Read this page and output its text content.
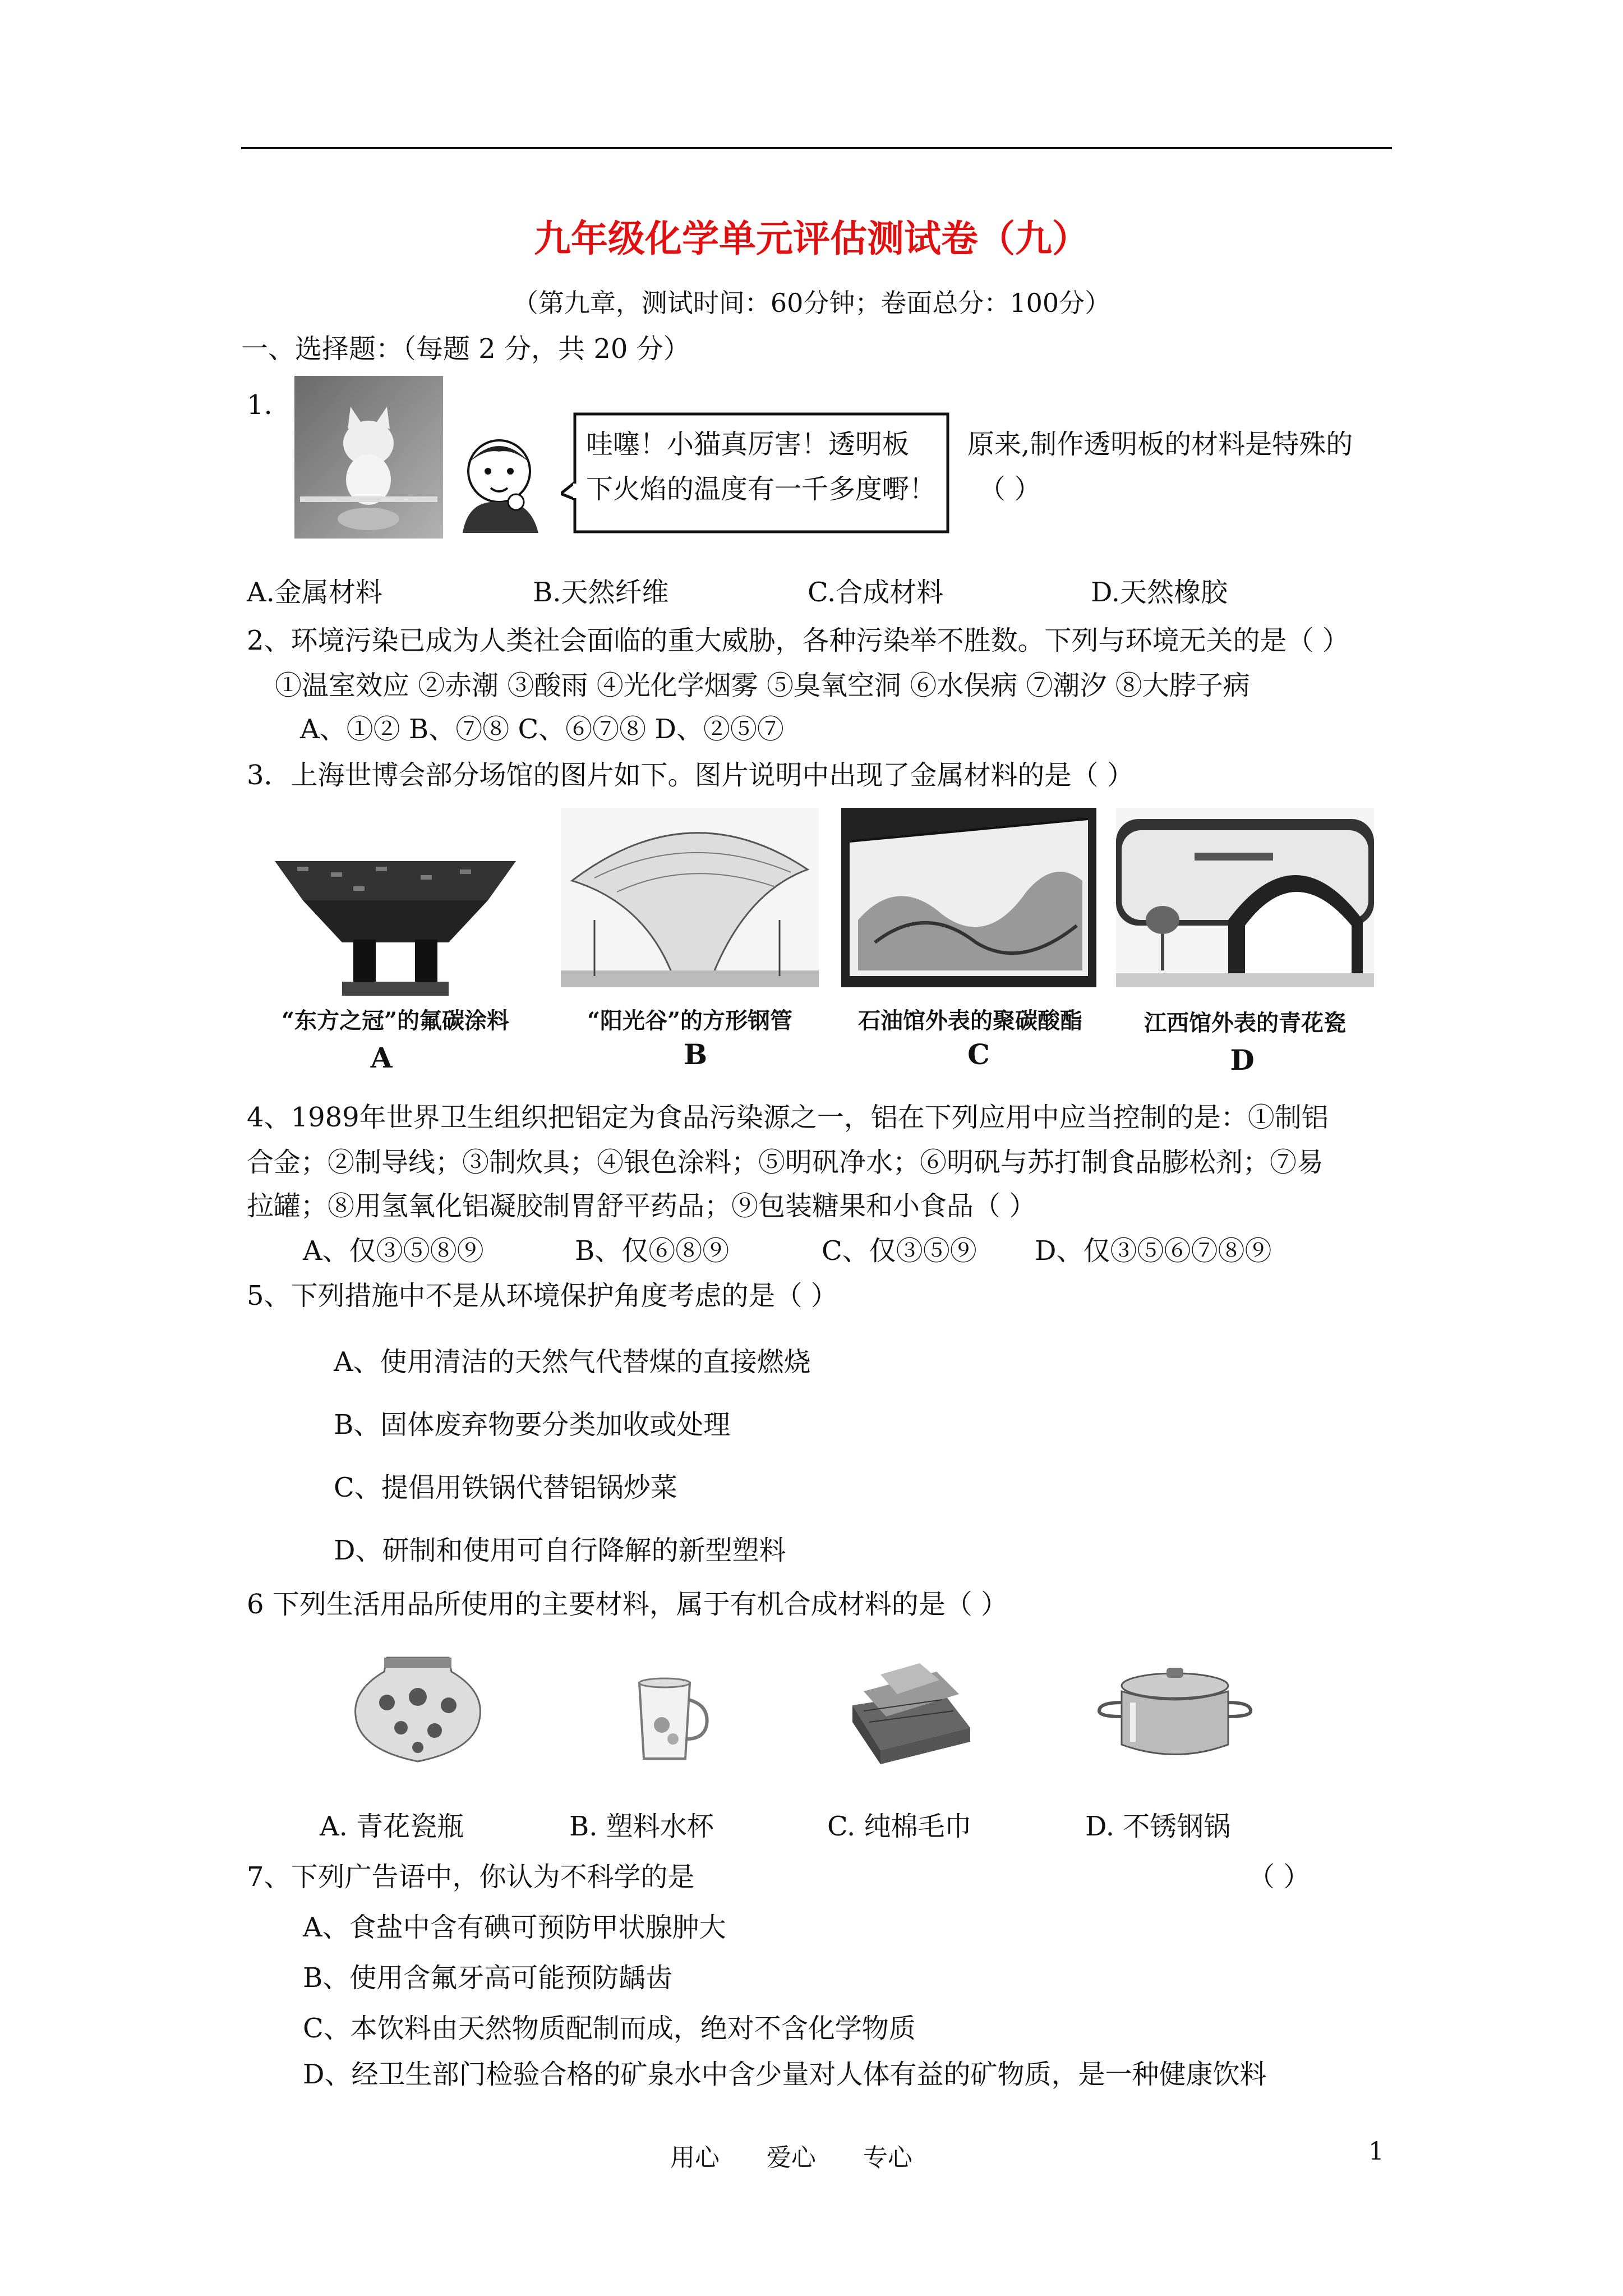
九年级化学单元评估测试卷（九）
（第九章，测试时间：60分钟；卷面总分：100分）
一、选择题：（每题 2 分，共 20 分）
1.
哇噻！小猫真厉害！透明板
下火焰的温度有一千多度嘢！
原来,制作透明板的材料是特殊的
（ ）
A.金属材料	B.天然纤维	C.合成材料	D.天然橡胶
2、环境污染已成为人类社会面临的重大威胁，各种污染举不胜数。下列与环境无关的是（ ）
①温室效应 ②赤潮 ③酸雨 ④光化学烟雾 ⑤臭氧空洞 ⑥水俣病 ⑦潮汐 ⑧大脖子病
A、①② B、⑦⑧ C、⑥⑦⑧ D、②⑤⑦
3．上海世博会部分场馆的图片如下。图片说明中出现了金属材料的是（ ）
“东方之冠”的氟碳涂料	“阳光谷”的方形钢管	石油馆外表的聚碳酸酯	江西馆外表的青花瓷
A	B	C	D
4、1989年世界卫生组织把铝定为食品污染源之一，铝在下列应用中应当控制的是：①制铝
合金；②制导线；③制炊具；④银色涂料；⑤明矾净水；⑥明矾与苏打制食品膨松剂；⑦易
拉罐；⑧用氢氧化铝凝胶制胃舒平药品；⑨包装糖果和小食品（ ）
A、仅③⑤⑧⑨	B、仅⑥⑧⑨	C、仅③⑤⑨ D、仅③⑤⑥⑦⑧⑨
5、下列措施中不是从环境保护角度考虑的是（ ）
A、使用清洁的天然气代替煤的直接燃烧
B、固体废弃物要分类加收或处理
C、提倡用铁锅代替铝锅炒菜
D、研制和使用可自行降解的新型塑料
6 下列生活用品所使用的主要材料，属于有机合成材料的是（ ）
A. 青花瓷瓶	B. 塑料水杯	C. 纯棉毛巾	D. 不锈钢锅
7、下列广告语中，你认为不科学的是	（ ）
A、食盐中含有碘可预防甲状腺肿大
B、使用含氟牙高可能预防龋齿
C、本饮料由天然物质配制而成，绝对不含化学物质
D、经卫生部门检验合格的矿泉水中含少量对人体有益的矿物质，是一种健康饮料
用心      爱心      专心	1
